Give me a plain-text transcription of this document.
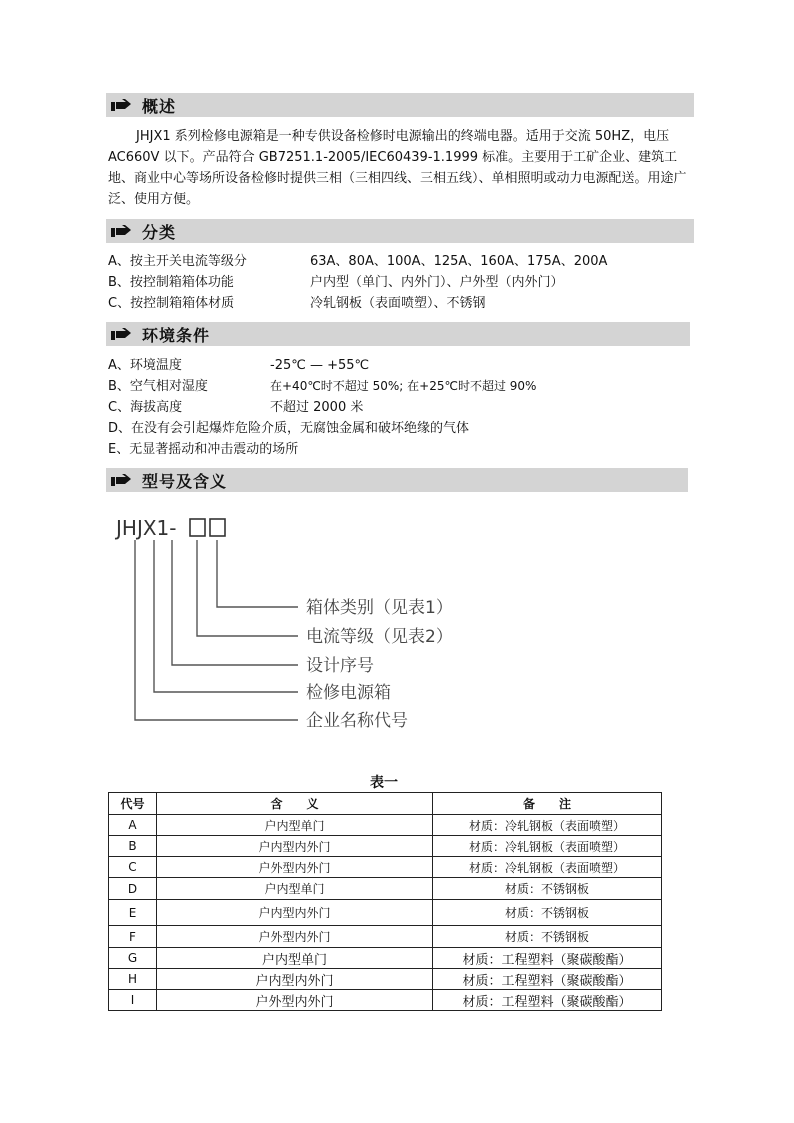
概述
JHJX1 系列检修电源箱是一种专供设备检修时电源输出的终端电器。适用于交流 50HZ，电压 AC660V 以下。产品符合 GB7251.1-2005/IEC60439-1.1999 标准。主要用于工矿企业、建筑工地、商业中心等场所设备检修时提供三相（三相四线、三相五线）、单相照明或动力电源配送。用途广泛、使用方便。
分类
A、按主开关电流等级分	63A、80A、100A、125A、160A、175A、200A
B、按控制箱箱体功能	户内型（单门、内外门）、户外型（内外门）
C、按控制箱箱体材质	冷轧钢板（表面喷塑）、不锈钢
环境条件
A、环境温度	-25℃ — +55℃
B、空气相对湿度	在+40℃时不超过 50%; 在+25℃时不超过 90%
C、海拔高度	不超过 2000 米
D、在没有会引起爆炸危险介质，无腐蚀金属和破坏绝缘的气体
E、无显著摇动和冲击震动的场所
型号及含义
JHJX1-
箱体类别（见表1）
电流等级（见表2）
设计序号
检修电源箱
企业名称代号
表一
代号	含　　义	备　　注
A	户内型单门	材质：冷轧钢板（表面喷塑）
B	户内型内外门	材质：冷轧钢板（表面喷塑）
C	户外型内外门	材质：冷轧钢板（表面喷塑）
D	户内型单门	材质：不锈钢板
E	户内型内外门	材质：不锈钢板
F	户外型内外门	材质：不锈钢板
G	户内型单门	材质：工程塑料（聚碳酸酯）
H	户内型内外门	材质：工程塑料（聚碳酸酯）
I	户外型内外门	材质：工程塑料（聚碳酸酯）
